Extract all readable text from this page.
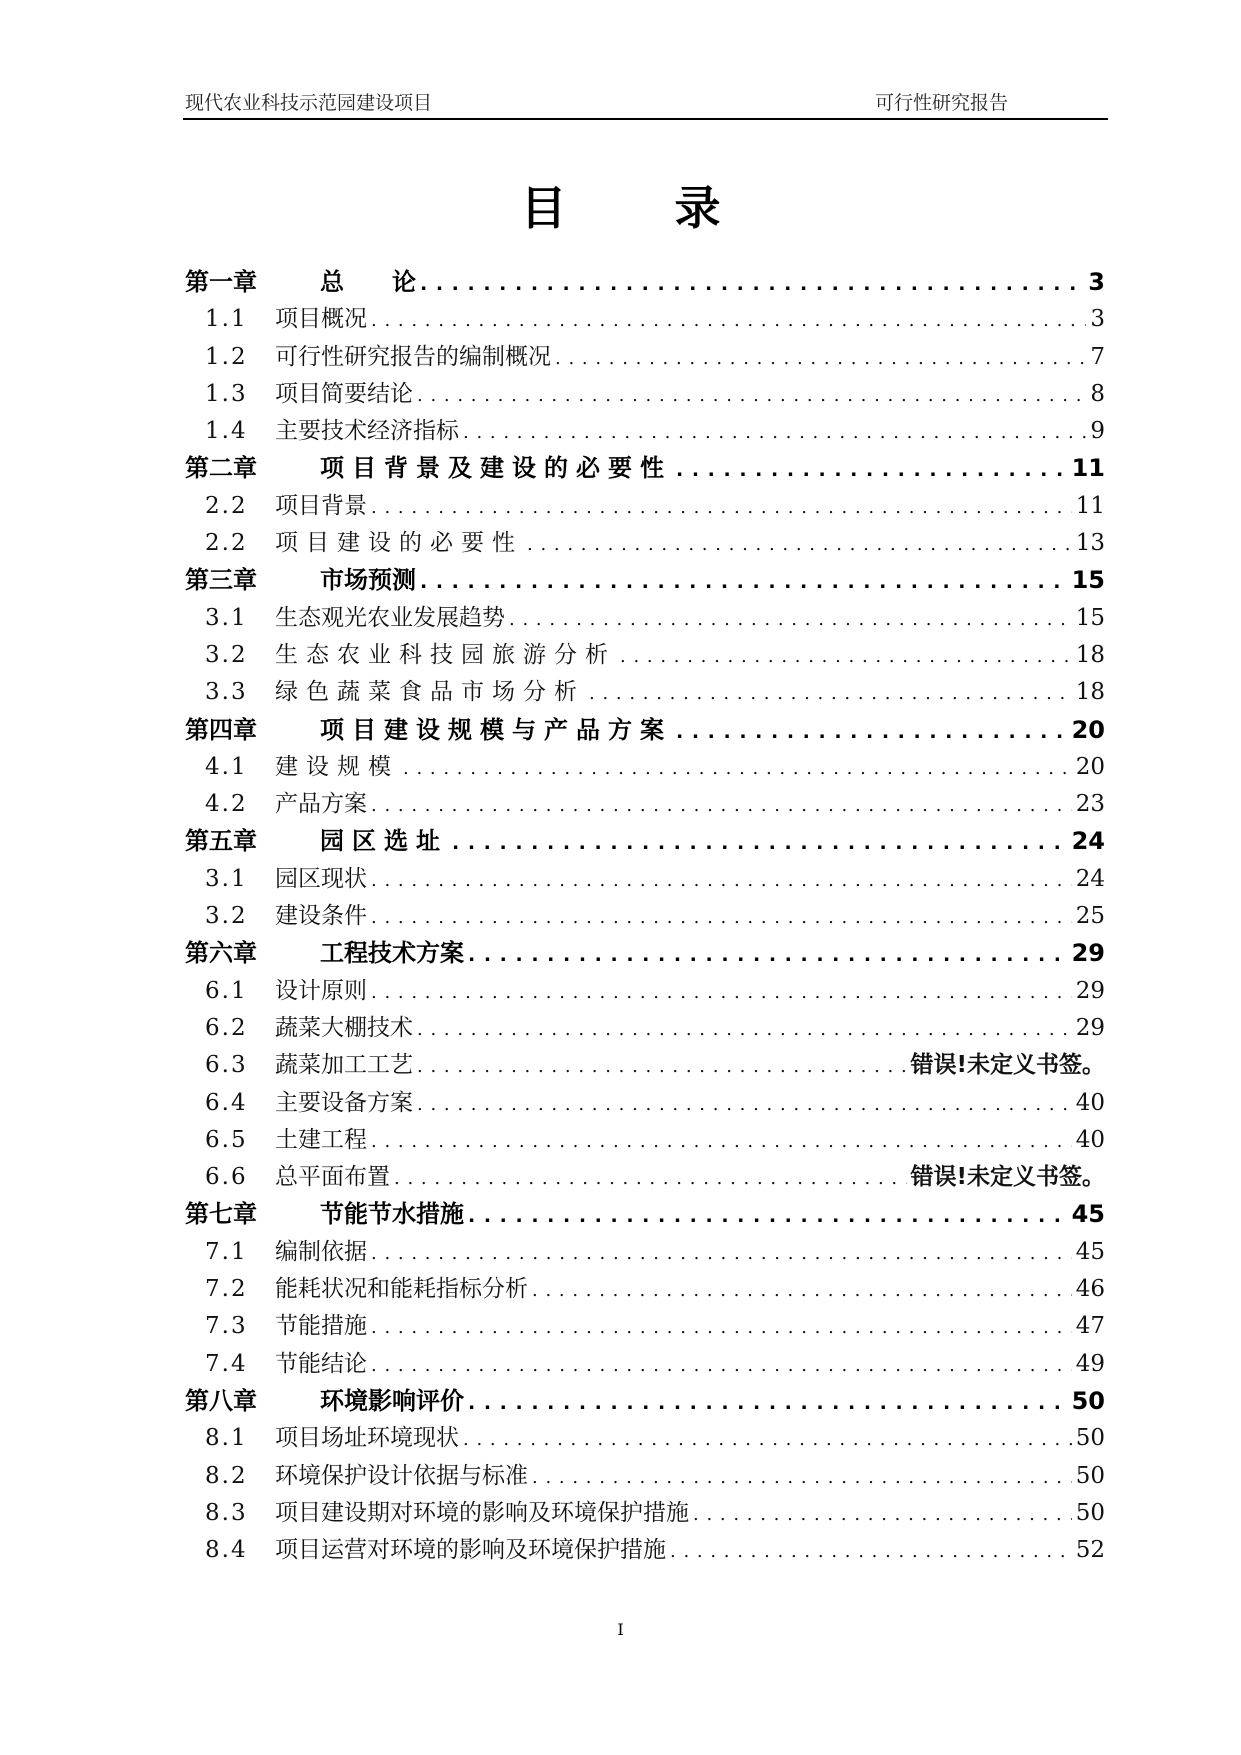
现代农业科技示范园建设项目	可行性研究报告
目 录
第一章	总　　论 . . .	3
1.1	项目概况 . . .	3
1.2	可行性研究报告的编制概况 . . .	7
1.3	项目简要结论 . . .	8
1.4	主要技术经济指标 . . .	9
第二章	项目背景及建设的必要性 . . .	11
2.2	项目背景 . . .	11
2.2	项目建设的必要性 . . .	13
第三章	市场预测 . . .	15
3.1	生态观光农业发展趋势 . . .	15
3.2	生态农业科技园旅游分析 . . .	18
3.3	绿色蔬菜食品市场分析 . . .	18
第四章	项目建设规模与产品方案 . . .	20
4.1	建设规模 . . .	20
4.2	产品方案 . . .	23
第五章	园区选址 . . .	24
3.1	园区现状 . . .	24
3.2	建设条件 . . .	25
第六章	工程技术方案 . . .	29
6.1	设计原则 . . .	29
6.2	蔬菜大棚技术 . . .	29
6.3	蔬菜加工工艺 . . .	错误!未定义书签。
6.4	主要设备方案 . . .	40
6.5	土建工程 . . .	40
6.6	总平面布置 . . .	错误!未定义书签。
第七章	节能节水措施 . . .	45
7.1	编制依据 . . .	45
7.2	能耗状况和能耗指标分析 . . .	46
7.3	节能措施 . . .	47
7.4	节能结论 . . .	49
第八章	环境影响评价 . . .	50
8.1	项目场址环境现状 . . .	50
8.2	环境保护设计依据与标准 . . .	50
8.3	项目建设期对环境的影响及环境保护措施 . . .	50
8.4	项目运营对环境的影响及环境保护措施 . . .	52
I
